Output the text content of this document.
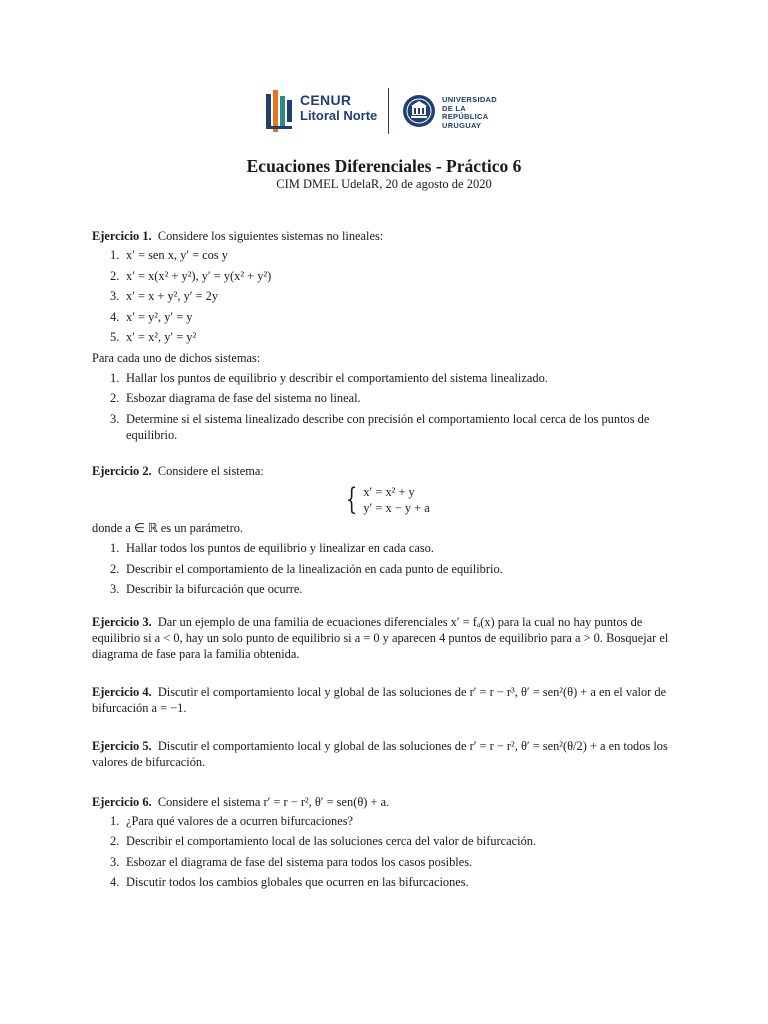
CENUR
Litoral Norte
UNIVERSIDAD
DE LA REPÚBLICA
URUGUAY
Ecuaciones Diferenciales - Práctico 6
CIM DMEL UdelaR, 20 de agosto de 2020

Ejercicio 1. Considere los siguientes sistemas no lineales:

1. x′ = sen x, y′ = cos y
2. x′ = x(x² + y²), y′ = y(x² + y²)
3. x′ = x + y², y′ = 2y
4. x′ = y², y′ = y
5. x′ = x², y′ = y²

Para cada uno de dichos sistemas:

1. Hallar los puntos de equilibrio y describir el comportamiento del sistema linealizado.
2. Esbozar diagrama de fase del sistema no lineal.
3. Determine si el sistema linealizado describe con precisión el comportamiento local cerca de los puntos de equilibrio.

Ejercicio 2. Considere el sistema:

{ x′ = x² + y
y′ = x − y + a

donde a ∈ ℝ es un parámetro.

1. Hallar todos los puntos de equilibrio y linealizar en cada caso.
2. Describir el comportamiento de la linealización en cada punto de equilibrio.
3. Describir la bifurcación que ocurre.

Ejercicio 3. Dar un ejemplo de una familia de ecuaciones diferenciales x′ = fₐ(x) para la cual no hay puntos de equilibrio si a < 0, hay un solo punto de equilibrio si a = 0 y aparecen 4 puntos de equilibrio para a > 0. Bosquejar el diagrama de fase para la familia obtenida.

Ejercicio 4. Discutir el comportamiento local y global de las soluciones de r′ = r − r³, θ′ = sen²(θ) + a en el valor de bifurcación a = −1.

Ejercicio 5. Discutir el comportamiento local y global de las soluciones de r′ = r − r², θ′ = sen²(θ/2) + a en todos los valores de bifurcación.

Ejercicio 6. Considere el sistema r′ = r − r², θ′ = sen(θ) + a.

1. ¿Para qué valores de a ocurren bifurcaciones?
2. Describir el comportamiento local de las soluciones cerca del valor de bifurcación.
3. Esbozar el diagrama de fase del sistema para todos los casos posibles.
4. Discutir todos los cambios globales que ocurren en las bifurcaciones.
